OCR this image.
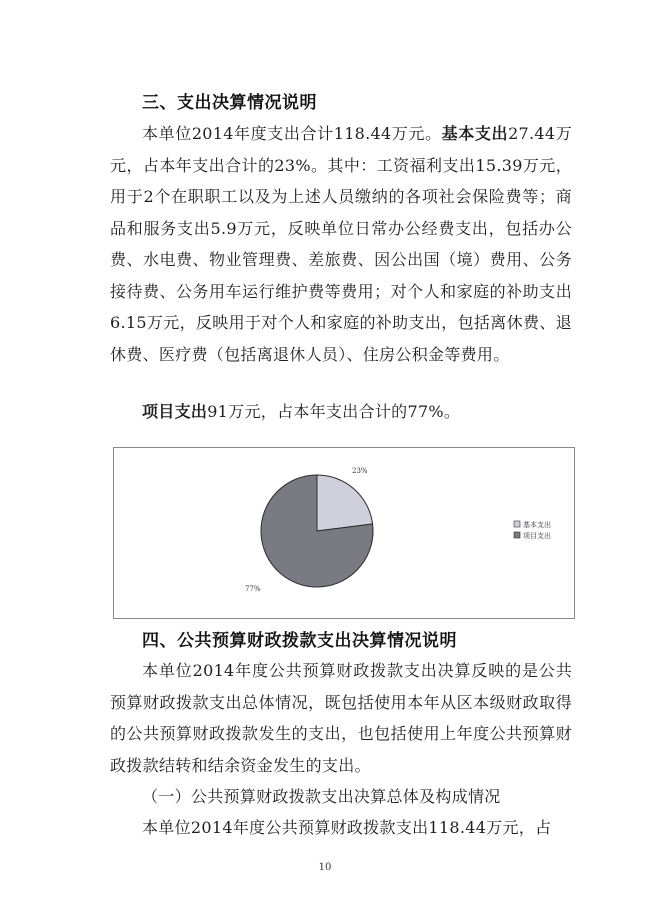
三、支出决算情况说明

本单位2014年度支出合计118.44万元。基本支出27.44万元，占本年支出合计的23%。其中：工资福利支出15.39万元，用于2个在职职工以及为上述人员缴纳的各项社会保险费等；商品和服务支出5.9万元，反映单位日常办公经费支出，包括办公费、水电费、物业管理费、差旅费、因公出国（境）费用、公务接待费、公务用车运行维护费等费用；对个人和家庭的补助支出6.15万元，反映用于对个人和家庭的补助支出，包括离休费、退休费、医疗费（包括离退休人员）、住房公积金等费用。

项目支出91万元，占本年支出合计的77%。

23%
77%
基本支出
项目支出
四、公共预算财政拨款支出决算情况说明

本单位2014年度公共预算财政拨款支出决算反映的是公共预算财政拨款支出总体情况，既包括使用本年从区本级财政取得的公共预算财政拨款发生的支出，也包括使用上年度公共预算财政拨款结转和结余资金发生的支出。

（一）公共预算财政拨款支出决算总体及构成情况

本单位2014年度公共预算财政拨款支出118.44万元，占

10
